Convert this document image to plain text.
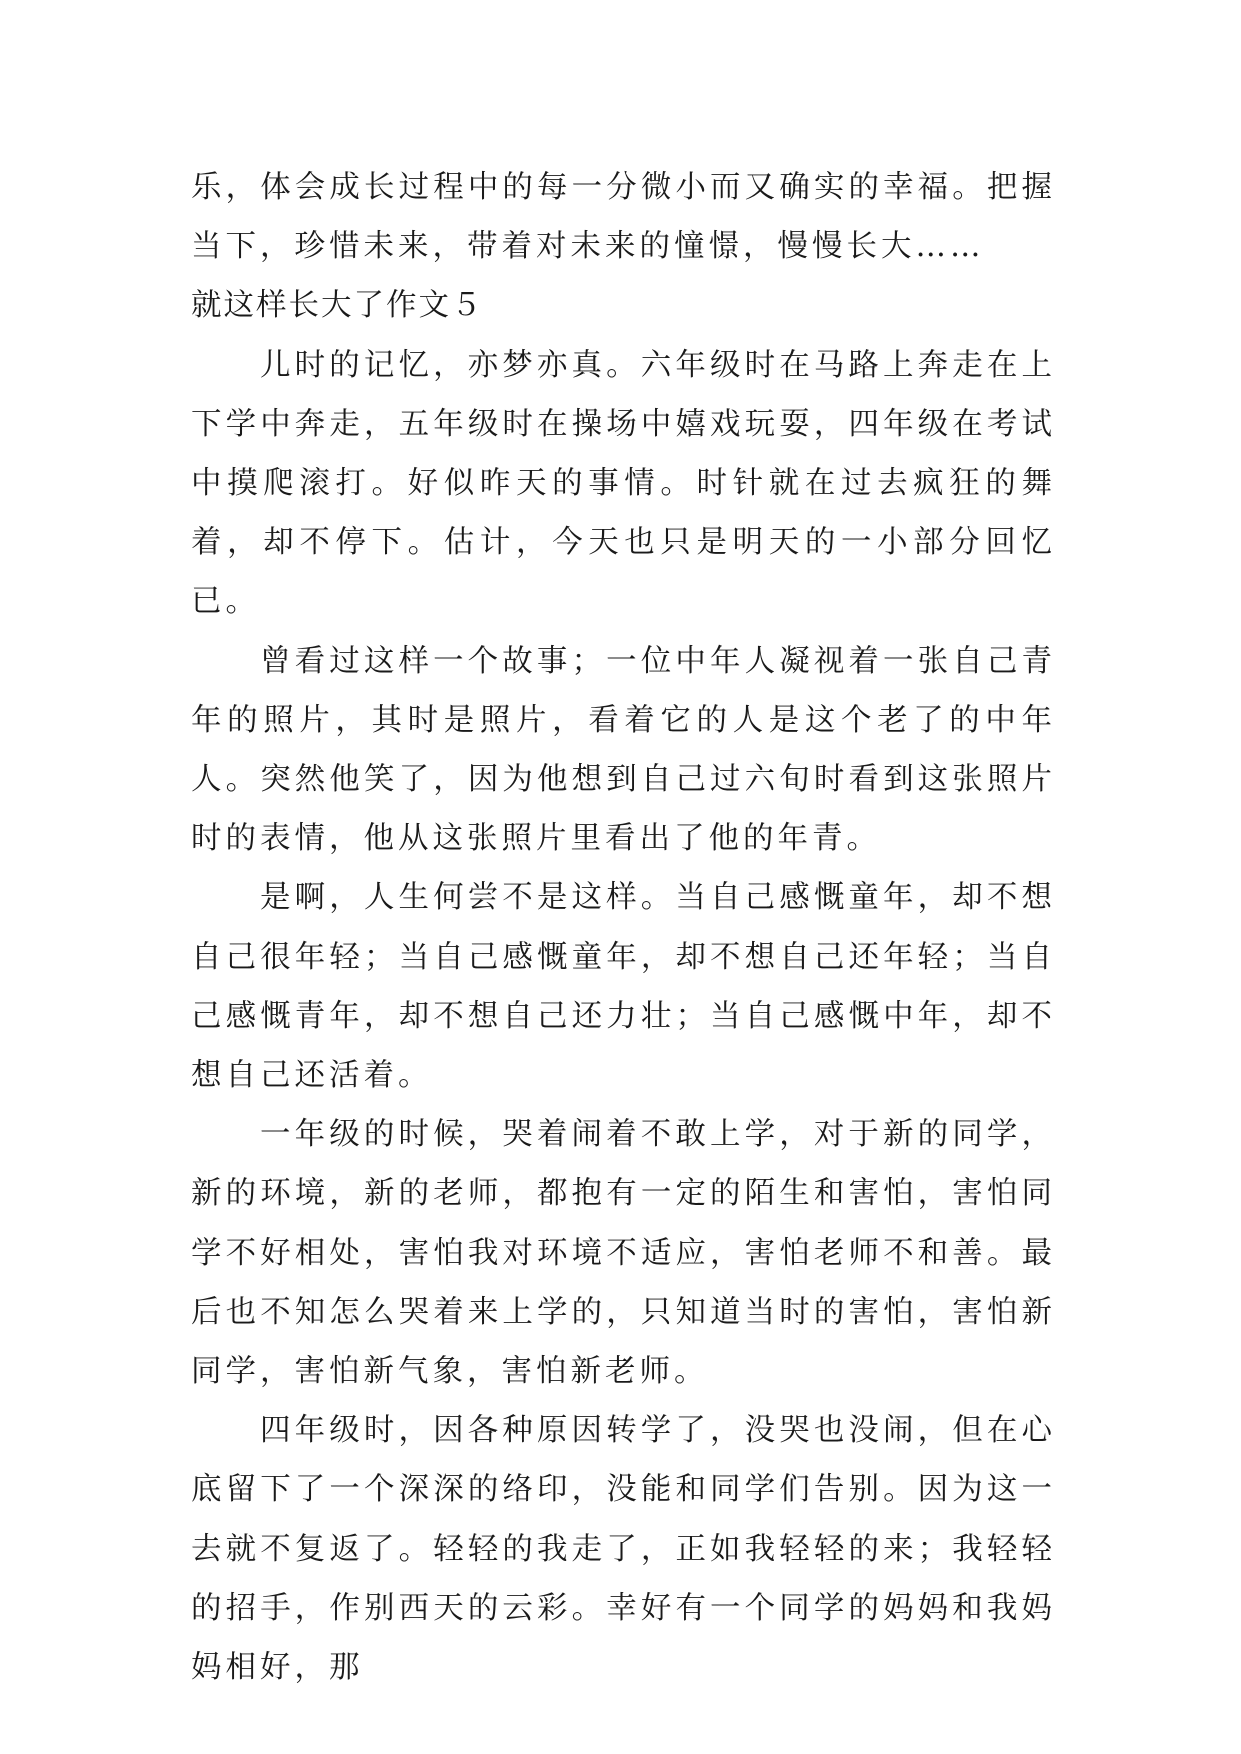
乐，体会成长过程中的每一分微小而又确实的幸福。把握当下，珍惜未来，带着对未来的憧憬，慢慢长大……

就这样长大了作文５

儿时的记忆，亦梦亦真。六年级时在马路上奔走在上下学中奔走，五年级时在操场中嬉戏玩耍，四年级在考试中摸爬滚打。好似昨天的事情。时针就在过去疯狂的舞着，却不停下。估计，今天也只是明天的一小部分回忆已。

曾看过这样一个故事；一位中年人凝视着一张自己青年的照片，其时是照片，看着它的人是这个老了的中年人。突然他笑了，因为他想到自己过六旬时看到这张照片时的表情，他从这张照片里看出了他的年青。

是啊，人生何尝不是这样。当自己感慨童年，却不想自己很年轻；当自己感慨童年，却不想自己还年轻；当自己感慨青年，却不想自己还力壮；当自己感慨中年，却不想自己还活着。

一年级的时候，哭着闹着不敢上学，对于新的同学，新的环境，新的老师，都抱有一定的陌生和害怕，害怕同学不好相处，害怕我对环境不适应，害怕老师不和善。最后也不知怎么哭着来上学的，只知道当时的害怕，害怕新同学，害怕新气象，害怕新老师。

四年级时，因各种原因转学了，没哭也没闹，但在心底留下了一个深深的络印，没能和同学们告别。因为这一去就不复返了。轻轻的我走了，正如我轻轻的来；我轻轻的招手，作别西天的云彩。幸好有一个同学的妈妈和我妈妈相好，那
